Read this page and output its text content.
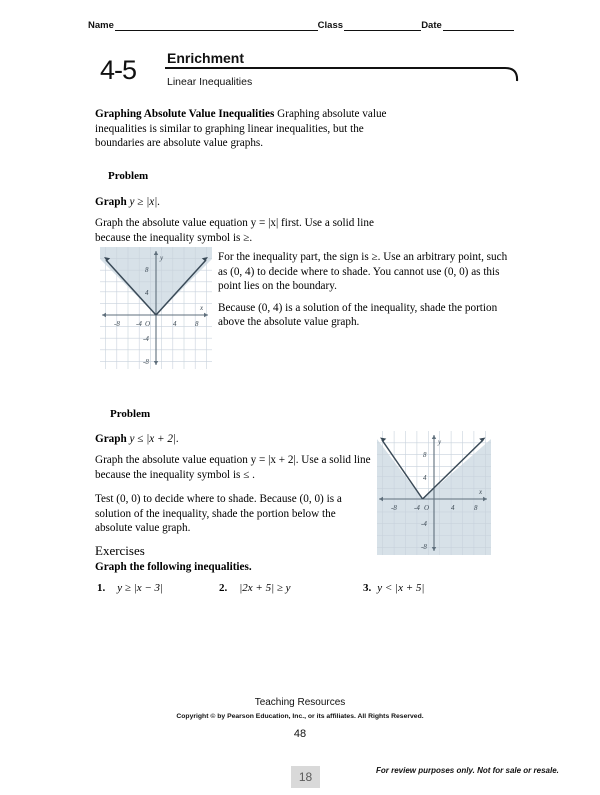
Name	Class	Date
4-5 Enrichment
Linear Inequalities
Graphing Absolute Value Inequalities Graphing absolute value inequalities is similar to graphing linear inequalities, but the boundaries are absolute value graphs.
Problem
Graph y ≥ |x|.
Graph the absolute value equation y = |x| first. Use a solid line because the inequality symbol is ≥.
-8 -4	4	8
O
8
4
-4
-8
x
y	For the inequality part, the sign is ≥. Use an arbitrary point, such as (0, 4) to decide where to shade. You cannot use (0, 0) as this point lies on the boundary.

Because (0, 4) is a solution of the inequality, shade the portion above the absolute value graph.

Problem
Graph y ≤ |x + 2|.
Graph the absolute value equation y = |x + 2|. Use a solid line because the inequality symbol is ≤ .
Test (0, 0) to decide where to shade. Because (0, 0) is a solution of the inequality, shade the portion below the absolute value graph.
-8 -4	4	8
O
8
4
-4
-8
x
y
Exercises
Graph the following inequalities.
1. y ≥ |x − 3|	2. |2x + 5| ≥ y	3. y < |x + 5|
Teaching Resources
Copyright © by Pearson Education, Inc., or its affiliates. All Rights Reserved.
48
18	For review purposes only. Not for sale or resale.
